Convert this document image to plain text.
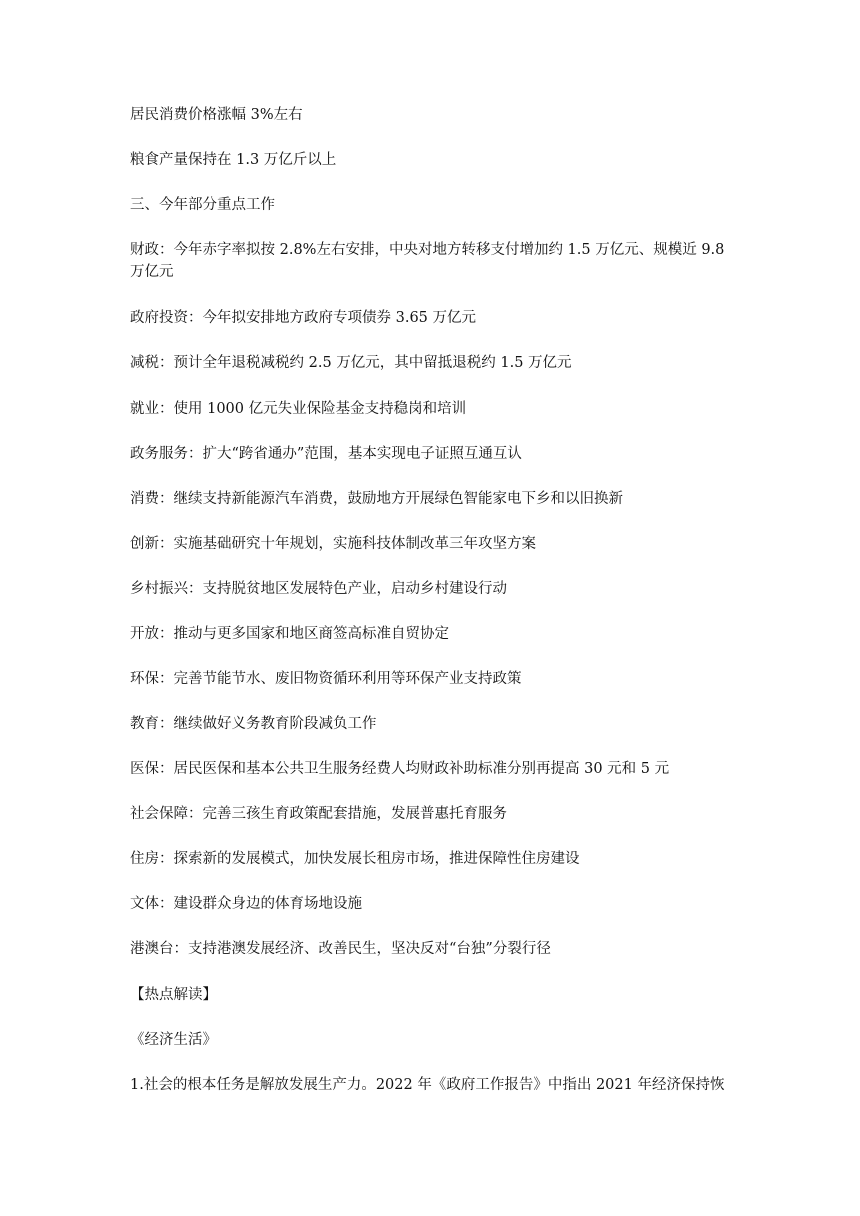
居民消费价格涨幅 3%左右
粮食产量保持在 1.3 万亿斤以上
三、今年部分重点工作
财政：今年赤字率拟按 2.8%左右安排，中央对地方转移支付增加约 1.5 万亿元、规模近 9.8 万亿元
政府投资：今年拟安排地方政府专项债券 3.65 万亿元
减税：预计全年退税减税约 2.5 万亿元，其中留抵退税约 1.5 万亿元
就业：使用 1000 亿元失业保险基金支持稳岗和培训
政务服务：扩大“跨省通办”范围，基本实现电子证照互通互认
消费：继续支持新能源汽车消费，鼓励地方开展绿色智能家电下乡和以旧换新
创新：实施基础研究十年规划，实施科技体制改革三年攻坚方案
乡村振兴：支持脱贫地区发展特色产业，启动乡村建设行动
开放：推动与更多国家和地区商签高标准自贸协定
环保：完善节能节水、废旧物资循环利用等环保产业支持政策
教育：继续做好义务教育阶段减负工作
医保：居民医保和基本公共卫生服务经费人均财政补助标准分别再提高 30 元和 5 元
社会保障：完善三孩生育政策配套措施，发展普惠托育服务
住房：探索新的发展模式，加快发展长租房市场，推进保障性住房建设
文体：建设群众身边的体育场地设施
港澳台：支持港澳发展经济、改善民生，坚决反对“台独”分裂行径
【热点解读】
《经济生活》
1.社会的根本任务是解放发展生产力。2022 年《政府工作报告》中指出 2021 年经济保持恢
